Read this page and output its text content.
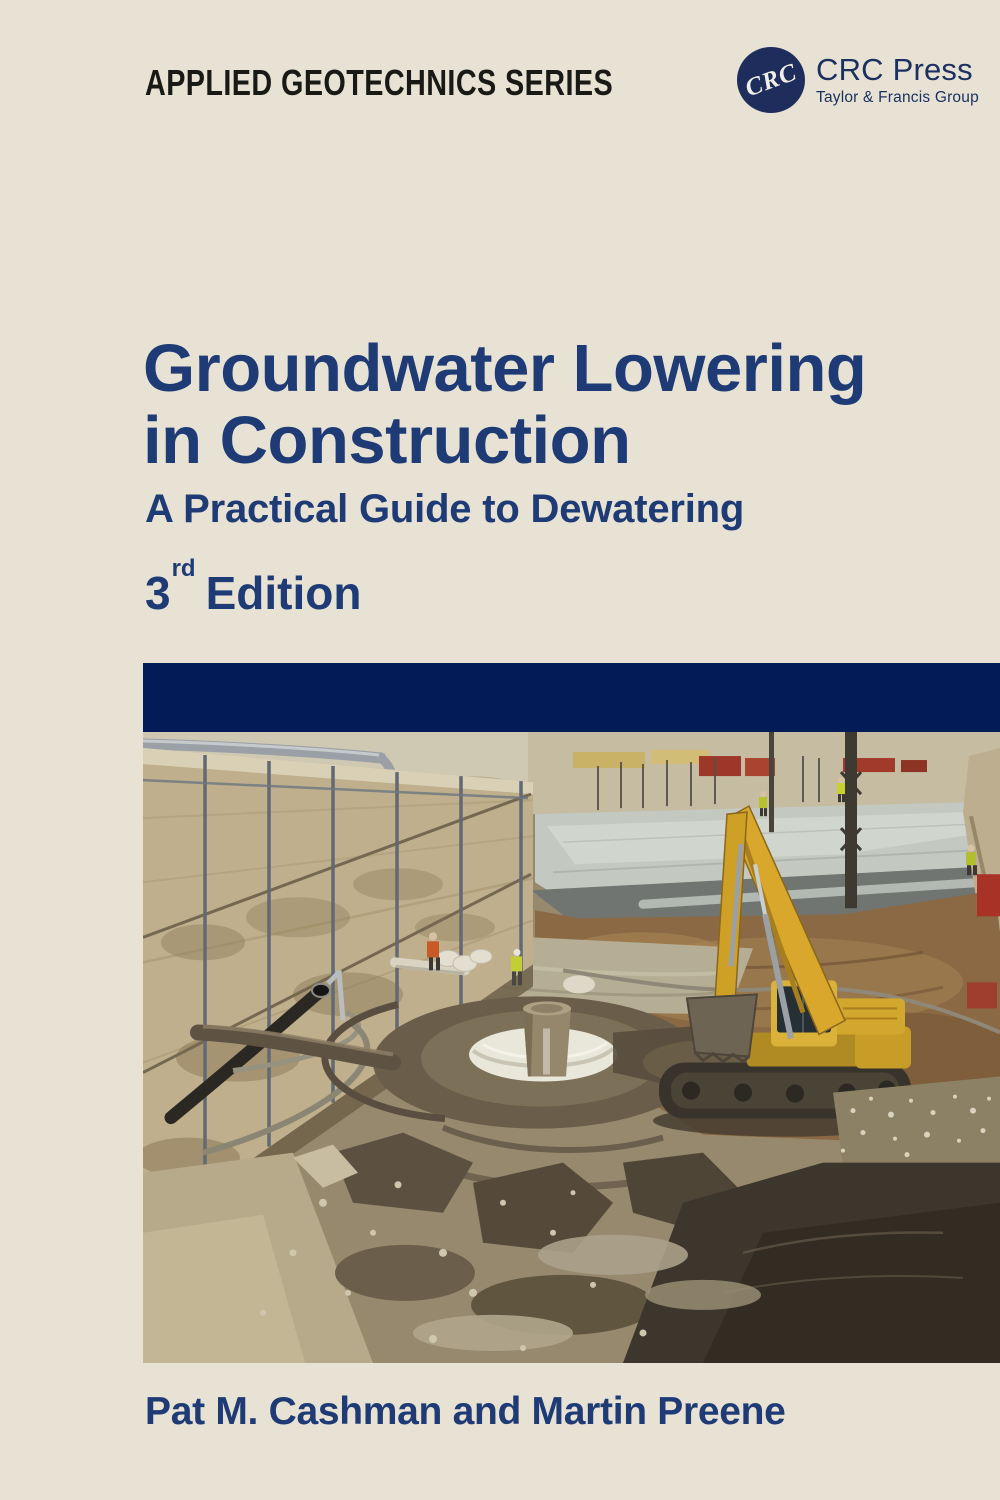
APPLIED GEOTECHNICS SERIES	CRC CRC Press
Taylor & Francis Group
Groundwater Lowering
in Construction
A Practical Guide to Dewatering
3rd Edition
Pat M. Cashman and Martin Preene
